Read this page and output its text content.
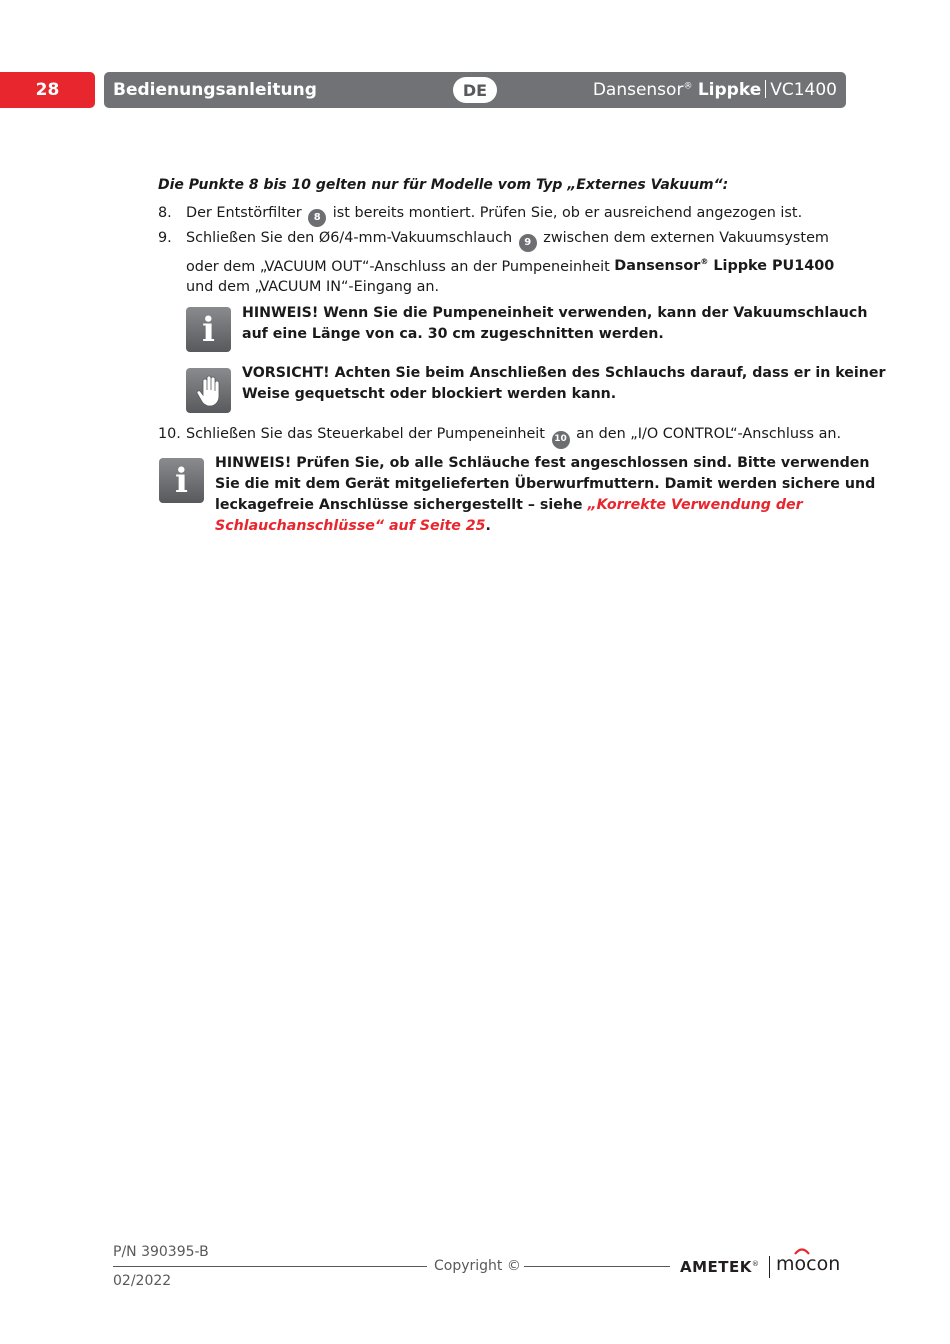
28	Bedienungsanleitung	DE	Dansensor® Lippke VC1400
Die Punkte 8 bis 10 gelten nur für Modelle vom Typ „Externes Vakuum“:
8. Der Entstörfilter 8 ist bereits montiert. Prüfen Sie, ob er ausreichend angezogen ist.
9. Schließen Sie den Ø6/4-mm-Vakuumschlauch 9 zwischen dem externen Vakuumsystem
oder dem „VACUUM OUT“-Anschluss an der Pumpeneinheit Dansensor® Lippke PU1400
und dem „VACUUM IN“-Eingang an.
i	HINWEIS! Wenn Sie die Pumpeneinheit verwenden, kann der Vakuumschlauch
auf eine Länge von ca. 30 cm zugeschnitten werden.
VORSICHT! Achten Sie beim Anschließen des Schlauchs darauf, dass er in keiner
Weise gequetscht oder blockiert werden kann.
10. Schließen Sie das Steuerkabel der Pumpeneinheit 10 an den „I/O CONTROL“-Anschluss an.
i	HINWEIS! Prüfen Sie, ob alle Schläuche fest angeschlossen sind. Bitte verwenden
Sie die mit dem Gerät mitgelieferten Überwurfmuttern. Damit werden sichere und
leckagefreie Anschlüsse sichergestellt – siehe „Korrekte Verwendung der
Schlauchanschlüsse“ auf Seite 25.
P/N 390395-B
02/2022
Copyright ©	AMETEK® mocon
